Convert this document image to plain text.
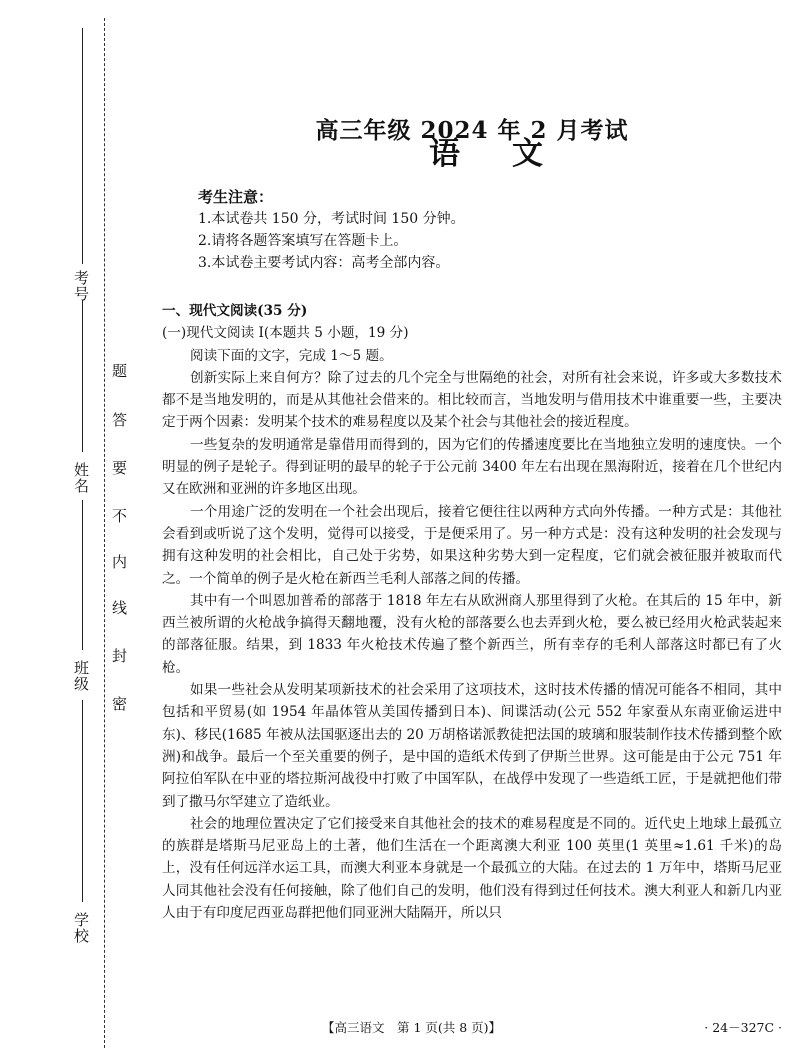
考号
姓名
班级
学校
题
答
要
不
内
线
封
密
高三年级 2024 年 2 月考试
语文
考生注意：
1.本试卷共 150 分，考试时间 150 分钟。
2.请将各题答案填写在答题卡上。
3.本试卷主要考试内容：高考全部内容。
一、现代文阅读(35 分)
(一)现代文阅读 I(本题共 5 小题，19 分)

阅读下面的文字，完成 1～5 题。

创新实际上来自何方？除了过去的几个完全与世隔绝的社会，对所有社会来说，许多或大多数技术都不是当地发明的，而是从其他社会借来的。相比较而言，当地发明与借用技术中谁重要一些，主要决定于两个因素：发明某个技术的难易程度以及某个社会与其他社会的接近程度。

一些复杂的发明通常是靠借用而得到的，因为它们的传播速度要比在当地独立发明的速度快。一个明显的例子是轮子。得到证明的最早的轮子于公元前 3400 年左右出现在黑海附近，接着在几个世纪内又在欧洲和亚洲的许多地区出现。

一个用途广泛的发明在一个社会出现后，接着它便往往以两种方式向外传播。一种方式是：其他社会看到或听说了这个发明，觉得可以接受，于是便采用了。另一种方式是：没有这种发明的社会发现与拥有这种发明的社会相比，自己处于劣势，如果这种劣势大到一定程度，它们就会被征服并被取而代之。一个简单的例子是火枪在新西兰毛利人部落之间的传播。

其中有一个叫恩加普希的部落于 1818 年左右从欧洲商人那里得到了火枪。在其后的 15 年中，新西兰被所谓的火枪战争搞得天翻地覆，没有火枪的部落要么也去弄到火枪，要么被已经用火枪武装起来的部落征服。结果，到 1833 年火枪技术传遍了整个新西兰，所有幸存的毛利人部落这时都已有了火枪。

如果一些社会从发明某项新技术的社会采用了这项技术，这时技术传播的情况可能各不相同，其中包括和平贸易(如 1954 年晶体管从美国传播到日本)、间谍活动(公元 552 年家蚕从东南亚偷运进中东)、移民(1685 年被从法国驱逐出去的 20 万胡格诺派教徒把法国的玻璃和服装制作技术传播到整个欧洲)和战争。最后一个至关重要的例子，是中国的造纸术传到了伊斯兰世界。这可能是由于公元 751 年阿拉伯军队在中亚的塔拉斯河战役中打败了中国军队，在战俘中发现了一些造纸工匠，于是就把他们带到了撒马尔罕建立了造纸业。

社会的地理位置决定了它们接受来自其他社会的技术的难易程度是不同的。近代史上地球上最孤立的族群是塔斯马尼亚岛上的土著，他们生活在一个距离澳大利亚 100 英里(1 英里≈1.61 千米)的岛上，没有任何远洋水运工具，而澳大利亚本身就是一个最孤立的大陆。在过去的 1 万年中，塔斯马尼亚人同其他社会没有任何接触，除了他们自己的发明，他们没有得到过任何技术。澳大利亚人和新几内亚人由于有印度尼西亚岛群把他们同亚洲大陆隔开，所以只

【高三语文　第 1 页(共 8 页)】	· 24－327C ·
